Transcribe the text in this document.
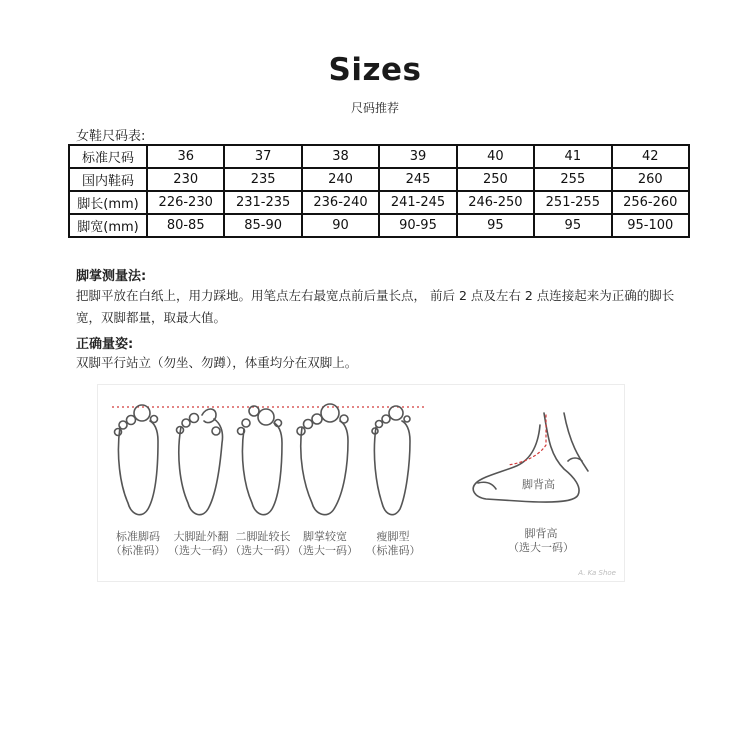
Sizes
尺码推荐
女鞋尺码表:
标准尺码	36	37	38	39	40	41	42
国内鞋码	230	235	240	245	250	255	260
脚长(mm)	226-230	231-235	236-240	241-245	246-250	251-255	256-260
脚宽(mm)	80-85	85-90	90	90-95	95	95	95-100
脚掌测量法:
把脚平放在白纸上，用力踩地。用笔点左右最宽点前后量长点， 前后 2 点及左右 2 点连接起来为正确的脚长宽，双脚都量，取最大值。
正确量姿:
双脚平行站立（勿坐、勿蹲），体重均分在双脚上。
标准脚码
（标准码）
大脚趾外翻
（选大一码）
二脚趾较长
（选大一码）
脚掌较宽
（选大一码）
瘦脚型
（标准码）
脚背高
脚背高
（选大一码）
A. Ka Shoe
